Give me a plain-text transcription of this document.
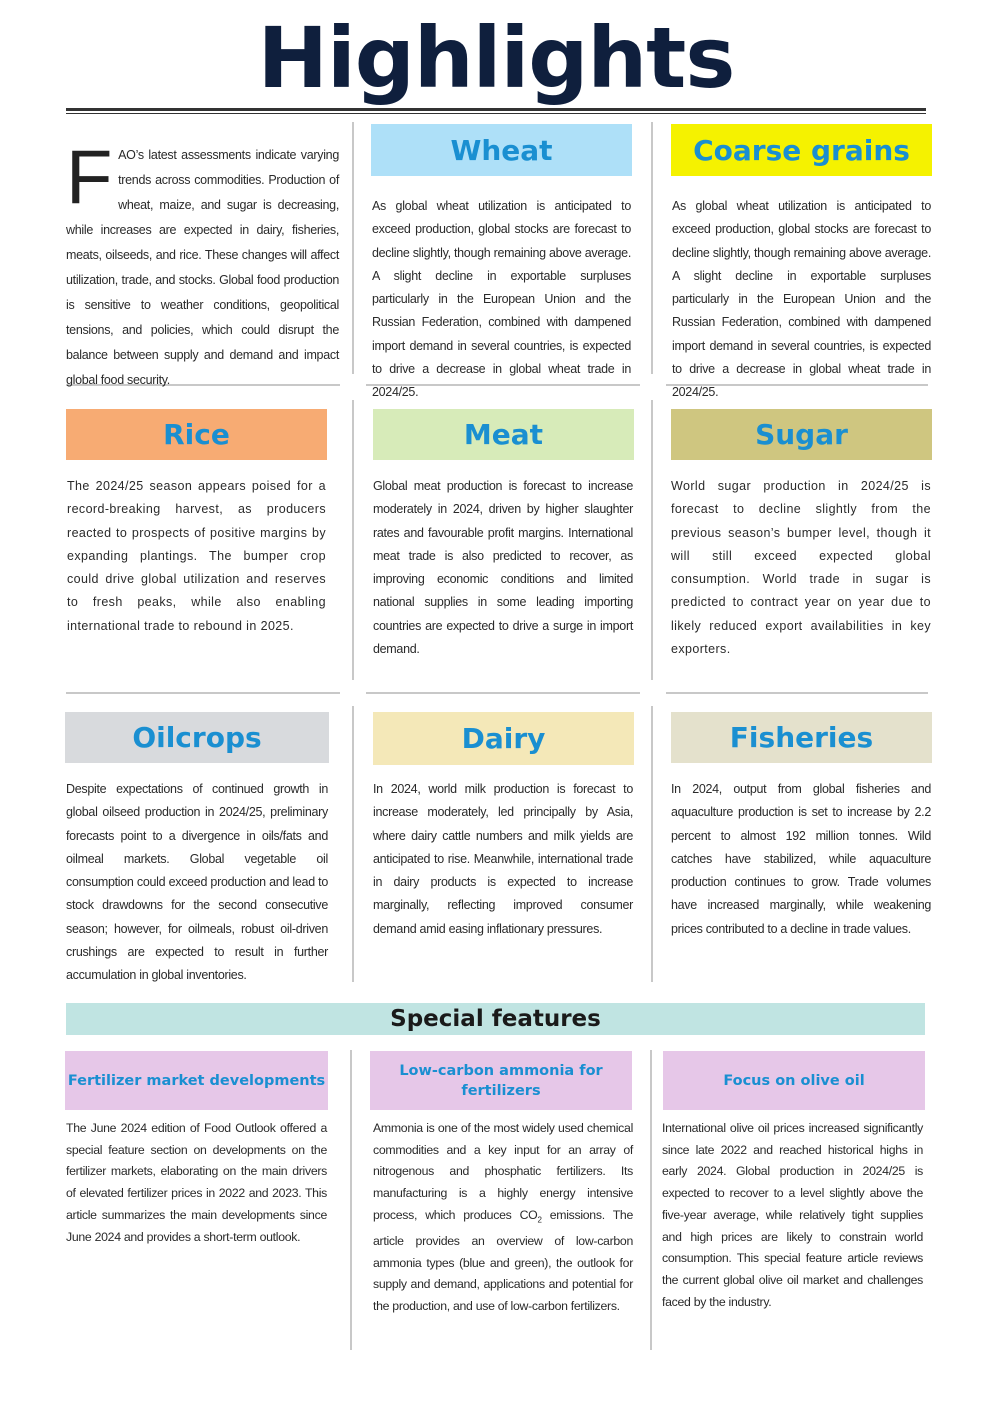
Highlights

FAO’s latest assessments indicate varying trends across commodities. Production of wheat, maize, and sugar is decreasing, while increases are expected in dairy, fisheries, meats, oilseeds, and rice. These changes will affect utilization, trade, and stocks. Global food production is sensitive to weather conditions, geopolitical tensions, and policies, which could disrupt the balance between supply and demand and impact global food security.

Wheat

As global wheat utilization is anticipated to exceed production, global stocks are forecast to decline slightly, though remaining above average. A slight decline in exportable surpluses particularly in the European Union and the Russian Federation, combined with dampened import demand in several countries, is expected to drive a decrease in global wheat trade in 2024/25.

Coarse grains

As global wheat utilization is anticipated to exceed production, global stocks are forecast to decline slightly, though remaining above average. A slight decline in exportable surpluses particularly in the European Union and the Russian Federation, combined with dampened import demand in several countries, is expected to drive a decrease in global wheat trade in 2024/25.

Rice

The 2024/25 season appears poised for a record-breaking harvest, as producers reacted to prospects of positive margins by expanding plantings. The bumper crop could drive global utilization and reserves to fresh peaks, while also enabling international trade to rebound in 2025.

Meat

Global meat production is forecast to increase moderately in 2024, driven by higher slaughter rates and favourable profit margins. International meat trade is also predicted to recover, as improving economic conditions and limited national supplies in some leading importing countries are expected to drive a surge in import demand.

Sugar

World sugar production in 2024/25 is forecast to decline slightly from the previous season’s bumper level, though it will still exceed expected global consumption. World trade in sugar is predicted to contract year on year due to likely reduced export availabilities in key exporters.

Oilcrops

Despite expectations of continued growth in global oilseed production in 2024/25, preliminary forecasts point to a divergence in oils/fats and oilmeal markets. Global vegetable oil consumption could exceed production and lead to stock drawdowns for the second consecutive season; however, for oilmeals, robust oil-driven crushings are expected to result in further accumulation in global inventories.

Dairy

In 2024, world milk production is forecast to increase moderately, led principally by Asia, where dairy cattle numbers and milk yields are anticipated to rise. Meanwhile, international trade in dairy products is expected to increase marginally, reflecting improved consumer demand amid easing inflationary pressures.

Fisheries

In 2024, output from global fisheries and aquaculture production is set to increase by 2.2 percent to almost 192 million tonnes. Wild catches have stabilized, while aquaculture production continues to grow. Trade volumes have increased marginally, while weakening prices contributed to a decline in trade values.

Special features
Fertilizer market developments

The June 2024 edition of Food Outlook offered a special feature section on developments on the fertilizer markets, elaborating on the main drivers of elevated fertilizer prices in 2022 and 2023. This article summarizes the main developments since June 2024 and provides a short-term outlook.

Low-carbon ammonia for
fertilizers

Ammonia is one of the most widely used chemical commodities and a key input for an array of nitrogenous and phosphatic fertilizers. Its manufacturing is a highly energy intensive process, which produces $CO_2$ emissions. The article provides an overview of low-carbon ammonia types (blue and green), the outlook for supply and demand, applications and potential for the production, and use of low-carbon fertilizers.

Focus on olive oil

International olive oil prices increased significantly since late 2022 and reached historical highs in early 2024. Global production in 2024/25 is expected to recover to a level slightly above the five-year average, while relatively tight supplies and high prices are likely to constrain world consumption. This special feature article reviews the current global olive oil market and challenges faced by the industry.
